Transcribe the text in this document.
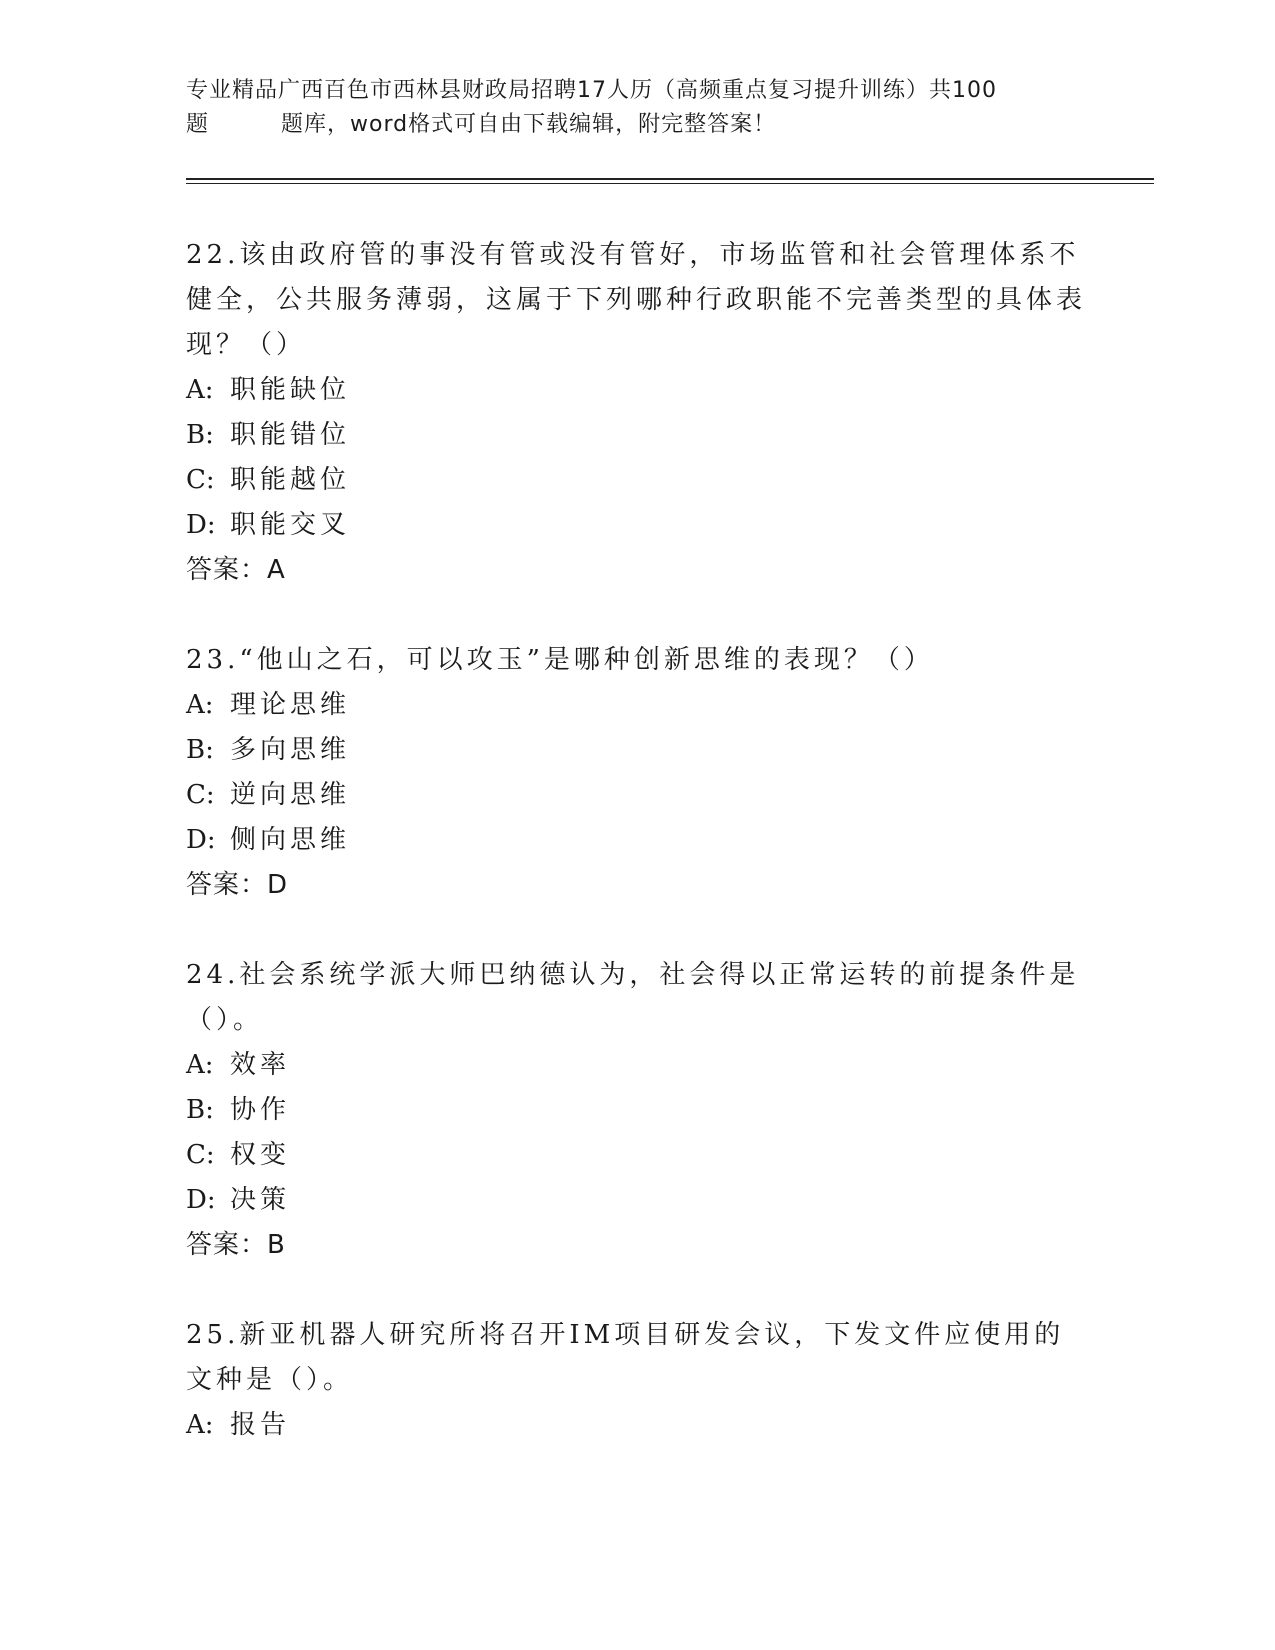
专业精品广西百色市西林县财政局招聘17人历（高频重点复习提升训练）共100
题	题库，word格式可自由下载编辑，附完整答案！
22.该由政府管的事没有管或没有管好，市场监管和社会管理体系不健全，公共服务薄弱，这属于下列哪种行政职能不完善类型的具体表现？（）
A: 职能缺位
B: 职能错位
C: 职能越位
D: 职能交叉
答案：A
23.“他山之石，可以攻玉”是哪种创新思维的表现？（）
A: 理论思维
B: 多向思维
C: 逆向思维
D: 侧向思维
答案：D
24.社会系统学派大师巴纳德认为，社会得以正常运转的前提条件是（）。
A: 效率
B: 协作
C: 权变
D: 决策
答案：B
25.新亚机器人研究所将召开IM项目研发会议，下发文件应使用的文种是（）。
A: 报告
